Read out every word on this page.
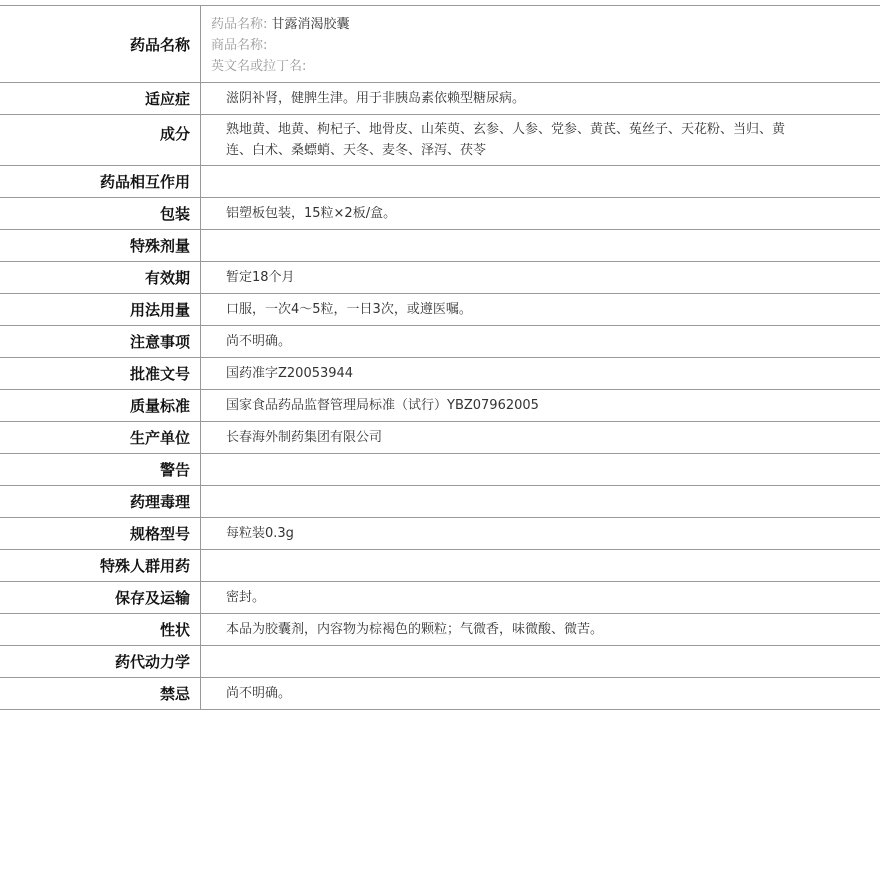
药品名称	药品名称: 甘露消渴胶囊
商品名称:
英文名或拉丁名:

适应症	滋阴补肾，健脾生津。用于非胰岛素依赖型糖尿病。
成分	熟地黄、地黄、枸杞子、地骨皮、山茱萸、玄参、人参、党参、黄芪、菟丝子、天花粉、当归、黄连、白术、桑螵蛸、天冬、麦冬、泽泻、茯苓

药品相互作用	
包装	铝塑板包装，15粒×2板/盒。
特殊剂量	
有效期	暂定18个月
用法用量	口服，一次4～5粒，一日3次，或遵医嘱。
注意事项	尚不明确。
批准文号	国药准字Z20053944
质量标准	国家食品药品监督管理局标准（试行）YBZ07962005
生产单位	长春海外制药集团有限公司
警告	
药理毒理	
规格型号	每粒装0.3g
特殊人群用药	
保存及运输	密封。
性状	本品为胶囊剂，内容物为棕褐色的颗粒；气微香，味微酸、微苦。
药代动力学	
禁忌	尚不明确。
